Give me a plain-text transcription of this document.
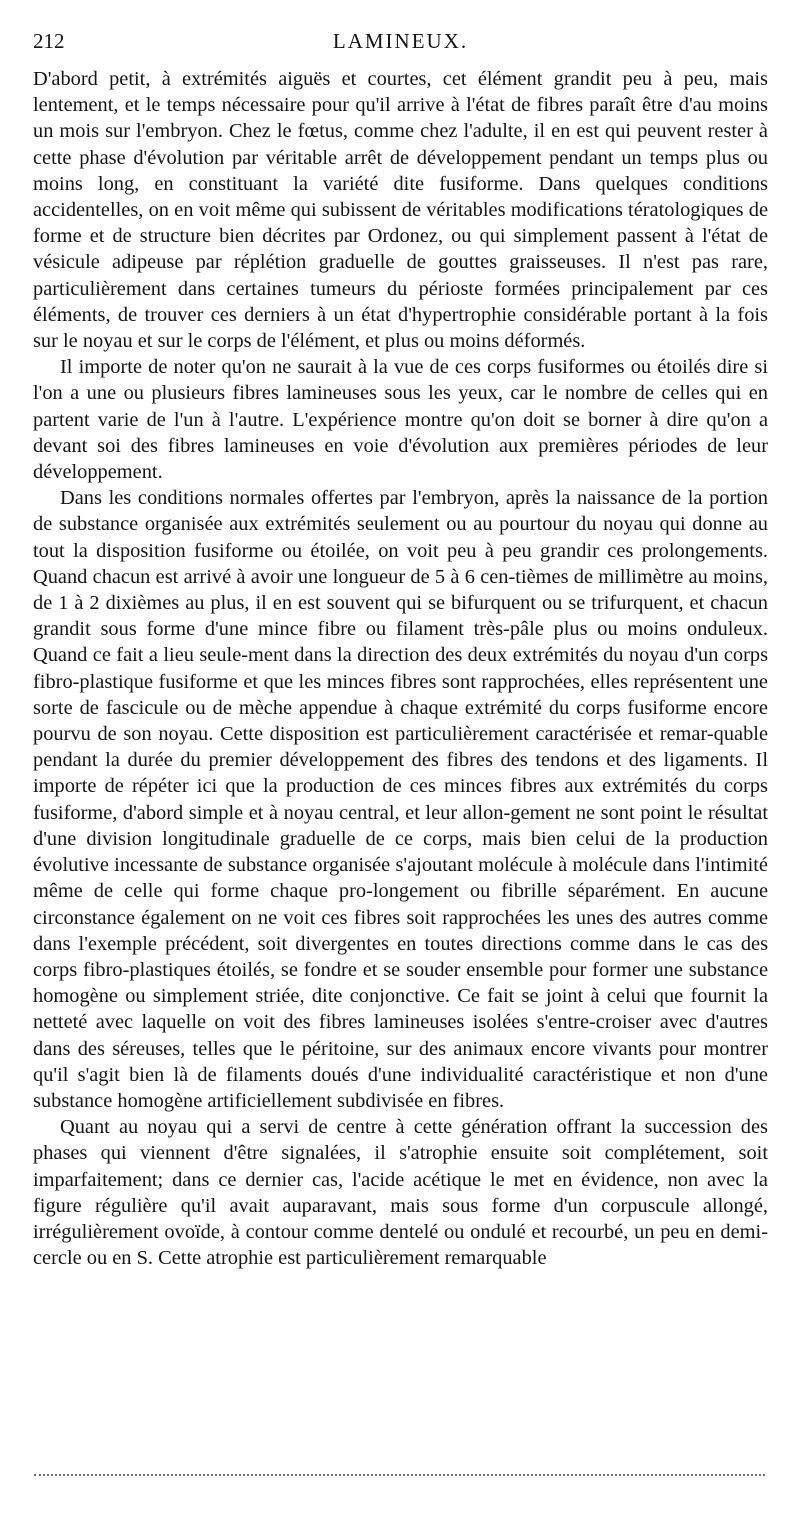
212	LAMINEUX.

D'abord petit, à extrémités aiguës et courtes, cet élément grandit peu à peu, mais lentement, et le temps nécessaire pour qu'il arrive à l'état de fibres paraît être d'au moins un mois sur l'embryon. Chez le fœtus, comme chez l'adulte, il en est qui peuvent rester à cette phase d'évolution par véritable arrêt de développement pendant un temps plus ou moins long, en constituant la variété dite fusiforme. Dans quelques conditions accidentelles, on en voit même qui subissent de véritables modifications tératologiques de forme et de structure bien décrites par Ordonez, ou qui simplement passent à l'état de vésicule adipeuse par réplétion graduelle de gouttes graisseuses. Il n'est pas rare, particulièrement dans certaines tumeurs du périoste formées principalement par ces éléments, de trouver ces derniers à un état d'hypertrophie considérable portant à la fois sur le noyau et sur le corps de l'élément, et plus ou moins déformés.

Il importe de noter qu'on ne saurait à la vue de ces corps fusiformes ou étoilés dire si l'on a une ou plusieurs fibres lamineuses sous les yeux, car le nombre de celles qui en partent varie de l'un à l'autre. L'expérience montre qu'on doit se borner à dire qu'on a devant soi des fibres lamineuses en voie d'évolution aux premières périodes de leur développement.

Dans les conditions normales offertes par l'embryon, après la naissance de la portion de substance organisée aux extrémités seulement ou au pourtour du noyau qui donne au tout la disposition fusiforme ou étoilée, on voit peu à peu grandir ces prolongements. Quand chacun est arrivé à avoir une longueur de 5 à 6 cen-tièmes de millimètre au moins, de 1 à 2 dixièmes au plus, il en est souvent qui se bifurquent ou se trifurquent, et chacun grandit sous forme d'une mince fibre ou filament très-pâle plus ou moins onduleux. Quand ce fait a lieu seule-ment dans la direction des deux extrémités du noyau d'un corps fibro-plastique fusiforme et que les minces fibres sont rapprochées, elles représentent une sorte de fascicule ou de mèche appendue à chaque extrémité du corps fusiforme encore pourvu de son noyau. Cette disposition est particulièrement caractérisée et remar-quable pendant la durée du premier développement des fibres des tendons et des ligaments. Il importe de répéter ici que la production de ces minces fibres aux extrémités du corps fusiforme, d'abord simple et à noyau central, et leur allon-gement ne sont point le résultat d'une division longitudinale graduelle de ce corps, mais bien celui de la production évolutive incessante de substance organisée s'ajoutant molécule à molécule dans l'intimité même de celle qui forme chaque pro-longement ou fibrille séparément. En aucune circonstance également on ne voit ces fibres soit rapprochées les unes des autres comme dans l'exemple précédent, soit divergentes en toutes directions comme dans le cas des corps fibro-plastiques étoilés, se fondre et se souder ensemble pour former une substance homogène ou simplement striée, dite conjonctive. Ce fait se joint à celui que fournit la netteté avec laquelle on voit des fibres lamineuses isolées s'entre-croiser avec d'autres dans des séreuses, telles que le péritoine, sur des animaux encore vivants pour montrer qu'il s'agit bien là de filaments doués d'une individualité caractéristique et non d'une substance homogène artificiellement subdivisée en fibres.

Quant au noyau qui a servi de centre à cette génération offrant la succession des phases qui viennent d'être signalées, il s'atrophie ensuite soit complétement, soit imparfaitement; dans ce dernier cas, l'acide acétique le met en évidence, non avec la figure régulière qu'il avait auparavant, mais sous forme d'un corpuscule allongé, irrégulièrement ovoïde, à contour comme dentelé ou ondulé et recourbé, un peu en demi-cercle ou en S. Cette atrophie est particulièrement remarquable
